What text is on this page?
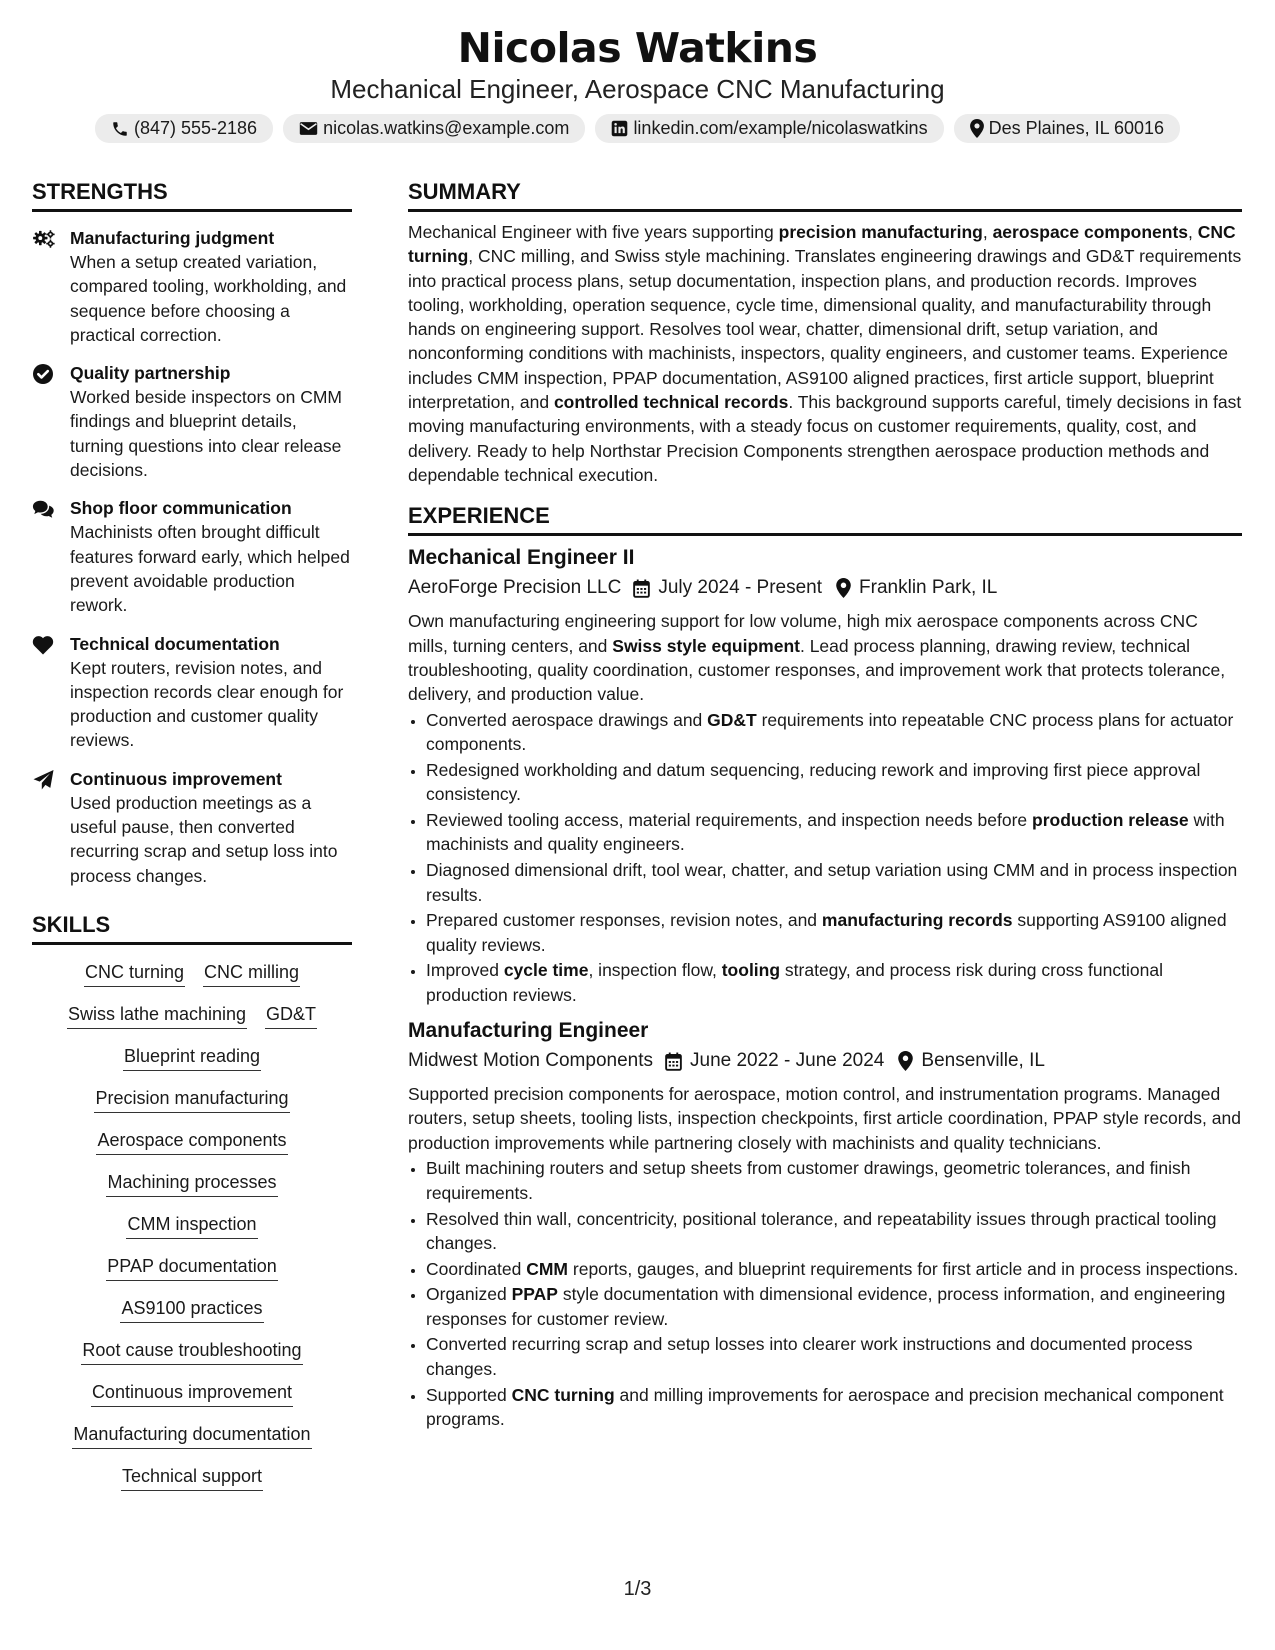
Nicolas Watkins
Mechanical Engineer, Aerospace CNC Manufacturing
(847) 555-2186	nicolas.watkins@example.com	linkedin.com/example/nicolaswatkins	Des Plaines, IL 60016
STRENGTHS
Manufacturing judgment
When a setup created variation, compared tooling, workholding, and sequence before choosing a practical correction.
Quality partnership
Worked beside inspectors on CMM findings and blueprint details, turning questions into clear release decisions.
Shop floor communication
Machinists often brought difficult features forward early, which helped prevent avoidable production rework.
Technical documentation
Kept routers, revision notes, and inspection records clear enough for production and customer quality reviews.
Continuous improvement
Used production meetings as a useful pause, then converted recurring scrap and setup loss into process changes.
SKILLS
CNC turning CNC milling
Swiss lathe machining GD&T
Blueprint reading
Precision manufacturing
Aerospace components
Machining processes
CMM inspection
PPAP documentation
AS9100 practices
Root cause troubleshooting
Continuous improvement
Manufacturing documentation
Technical support
SUMMARY
Mechanical Engineer with five years supporting precision manufacturing, aerospace components, CNC turning, CNC milling, and Swiss style machining. Translates engineering drawings and GD&T requirements into practical process plans, setup documentation, inspection plans, and production records. Improves tooling, workholding, operation sequence, cycle time, dimensional quality, and manufacturability through hands on engineering support. Resolves tool wear, chatter, dimensional drift, setup variation, and nonconforming conditions with machinists, inspectors, quality engineers, and customer teams. Experience includes CMM inspection, PPAP documentation, AS9100 aligned practices, first article support, blueprint interpretation, and controlled technical records. This background supports careful, timely decisions in fast moving manufacturing environments, with a steady focus on customer requirements, quality, cost, and delivery. Ready to help Northstar Precision Components strengthen aerospace production methods and dependable technical execution.
EXPERIENCE
Mechanical Engineer II
AeroForge Precision LLC July 2024 - Present Franklin Park, IL
Own manufacturing engineering support for low volume, high mix aerospace components across CNC mills, turning centers, and Swiss style equipment. Lead process planning, drawing review, technical troubleshooting, quality coordination, customer responses, and improvement work that protects tolerance, delivery, and production value.
• Converted aerospace drawings and GD&T requirements into repeatable CNC process plans for actuator components.
• Redesigned workholding and datum sequencing, reducing rework and improving first piece approval consistency.
• Reviewed tooling access, material requirements, and inspection needs before production release with machinists and quality engineers.
• Diagnosed dimensional drift, tool wear, chatter, and setup variation using CMM and in process inspection results.
• Prepared customer responses, revision notes, and manufacturing records supporting AS9100 aligned quality reviews.
• Improved cycle time, inspection flow, tooling strategy, and process risk during cross functional production reviews.
Manufacturing Engineer
Midwest Motion Components June 2022 - June 2024 Bensenville, IL
Supported precision components for aerospace, motion control, and instrumentation programs. Managed routers, setup sheets, tooling lists, inspection checkpoints, first article coordination, PPAP style records, and production improvements while partnering closely with machinists and quality technicians.
• Built machining routers and setup sheets from customer drawings, geometric tolerances, and finish requirements.
• Resolved thin wall, concentricity, positional tolerance, and repeatability issues through practical tooling changes.
• Coordinated CMM reports, gauges, and blueprint requirements for first article and in process inspections.
• Organized PPAP style documentation with dimensional evidence, process information, and engineering responses for customer review.
• Converted recurring scrap and setup losses into clearer work instructions and documented process changes.
• Supported CNC turning and milling improvements for aerospace and precision mechanical component programs.
1/3
